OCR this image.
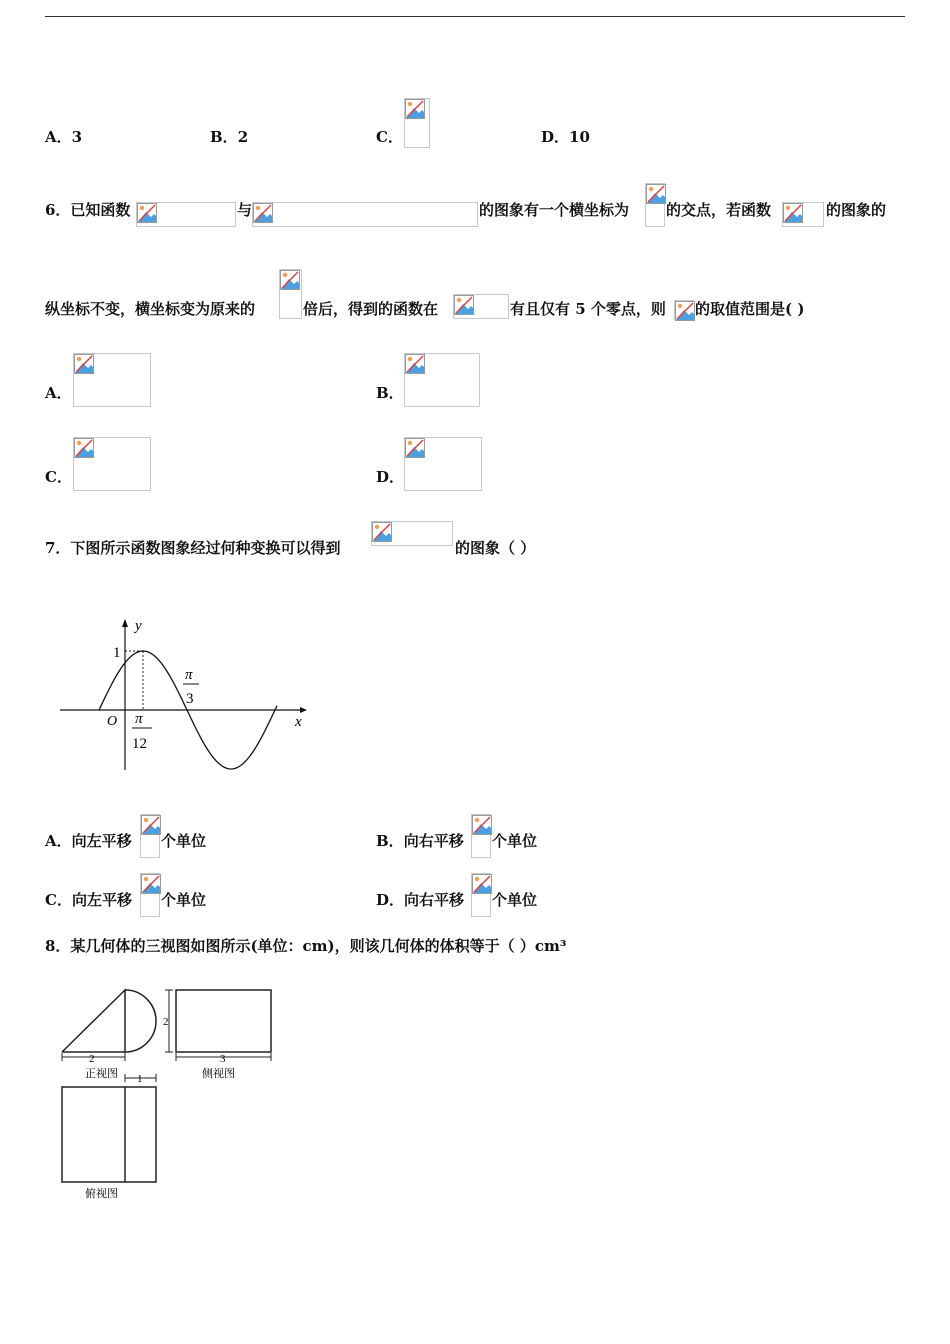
A．3	B．2	C．	D．10
6．已知函数	与	的图象有一个横坐标为 的交点，若函数	的图象的
纵坐标不变，横坐标变为原来的	倍后，得到的函数在	有且仅有 5 个零点，则 的取值范围是( )
A．	B．
C．	D．
7．下图所示函数图象经过何种变换可以得到	的图象（ ）
y
x
O
1
π
12
π
3
A．向左平移 个单位	B．向右平移 个单位
C．向左平移 个单位	D．向右平移 个单位
8．某几何体的三视图如图所示(单位：cm)，则该几何体的体积等于（ ）cm³
2
正视图
2
3
侧视图
1
俯视图
